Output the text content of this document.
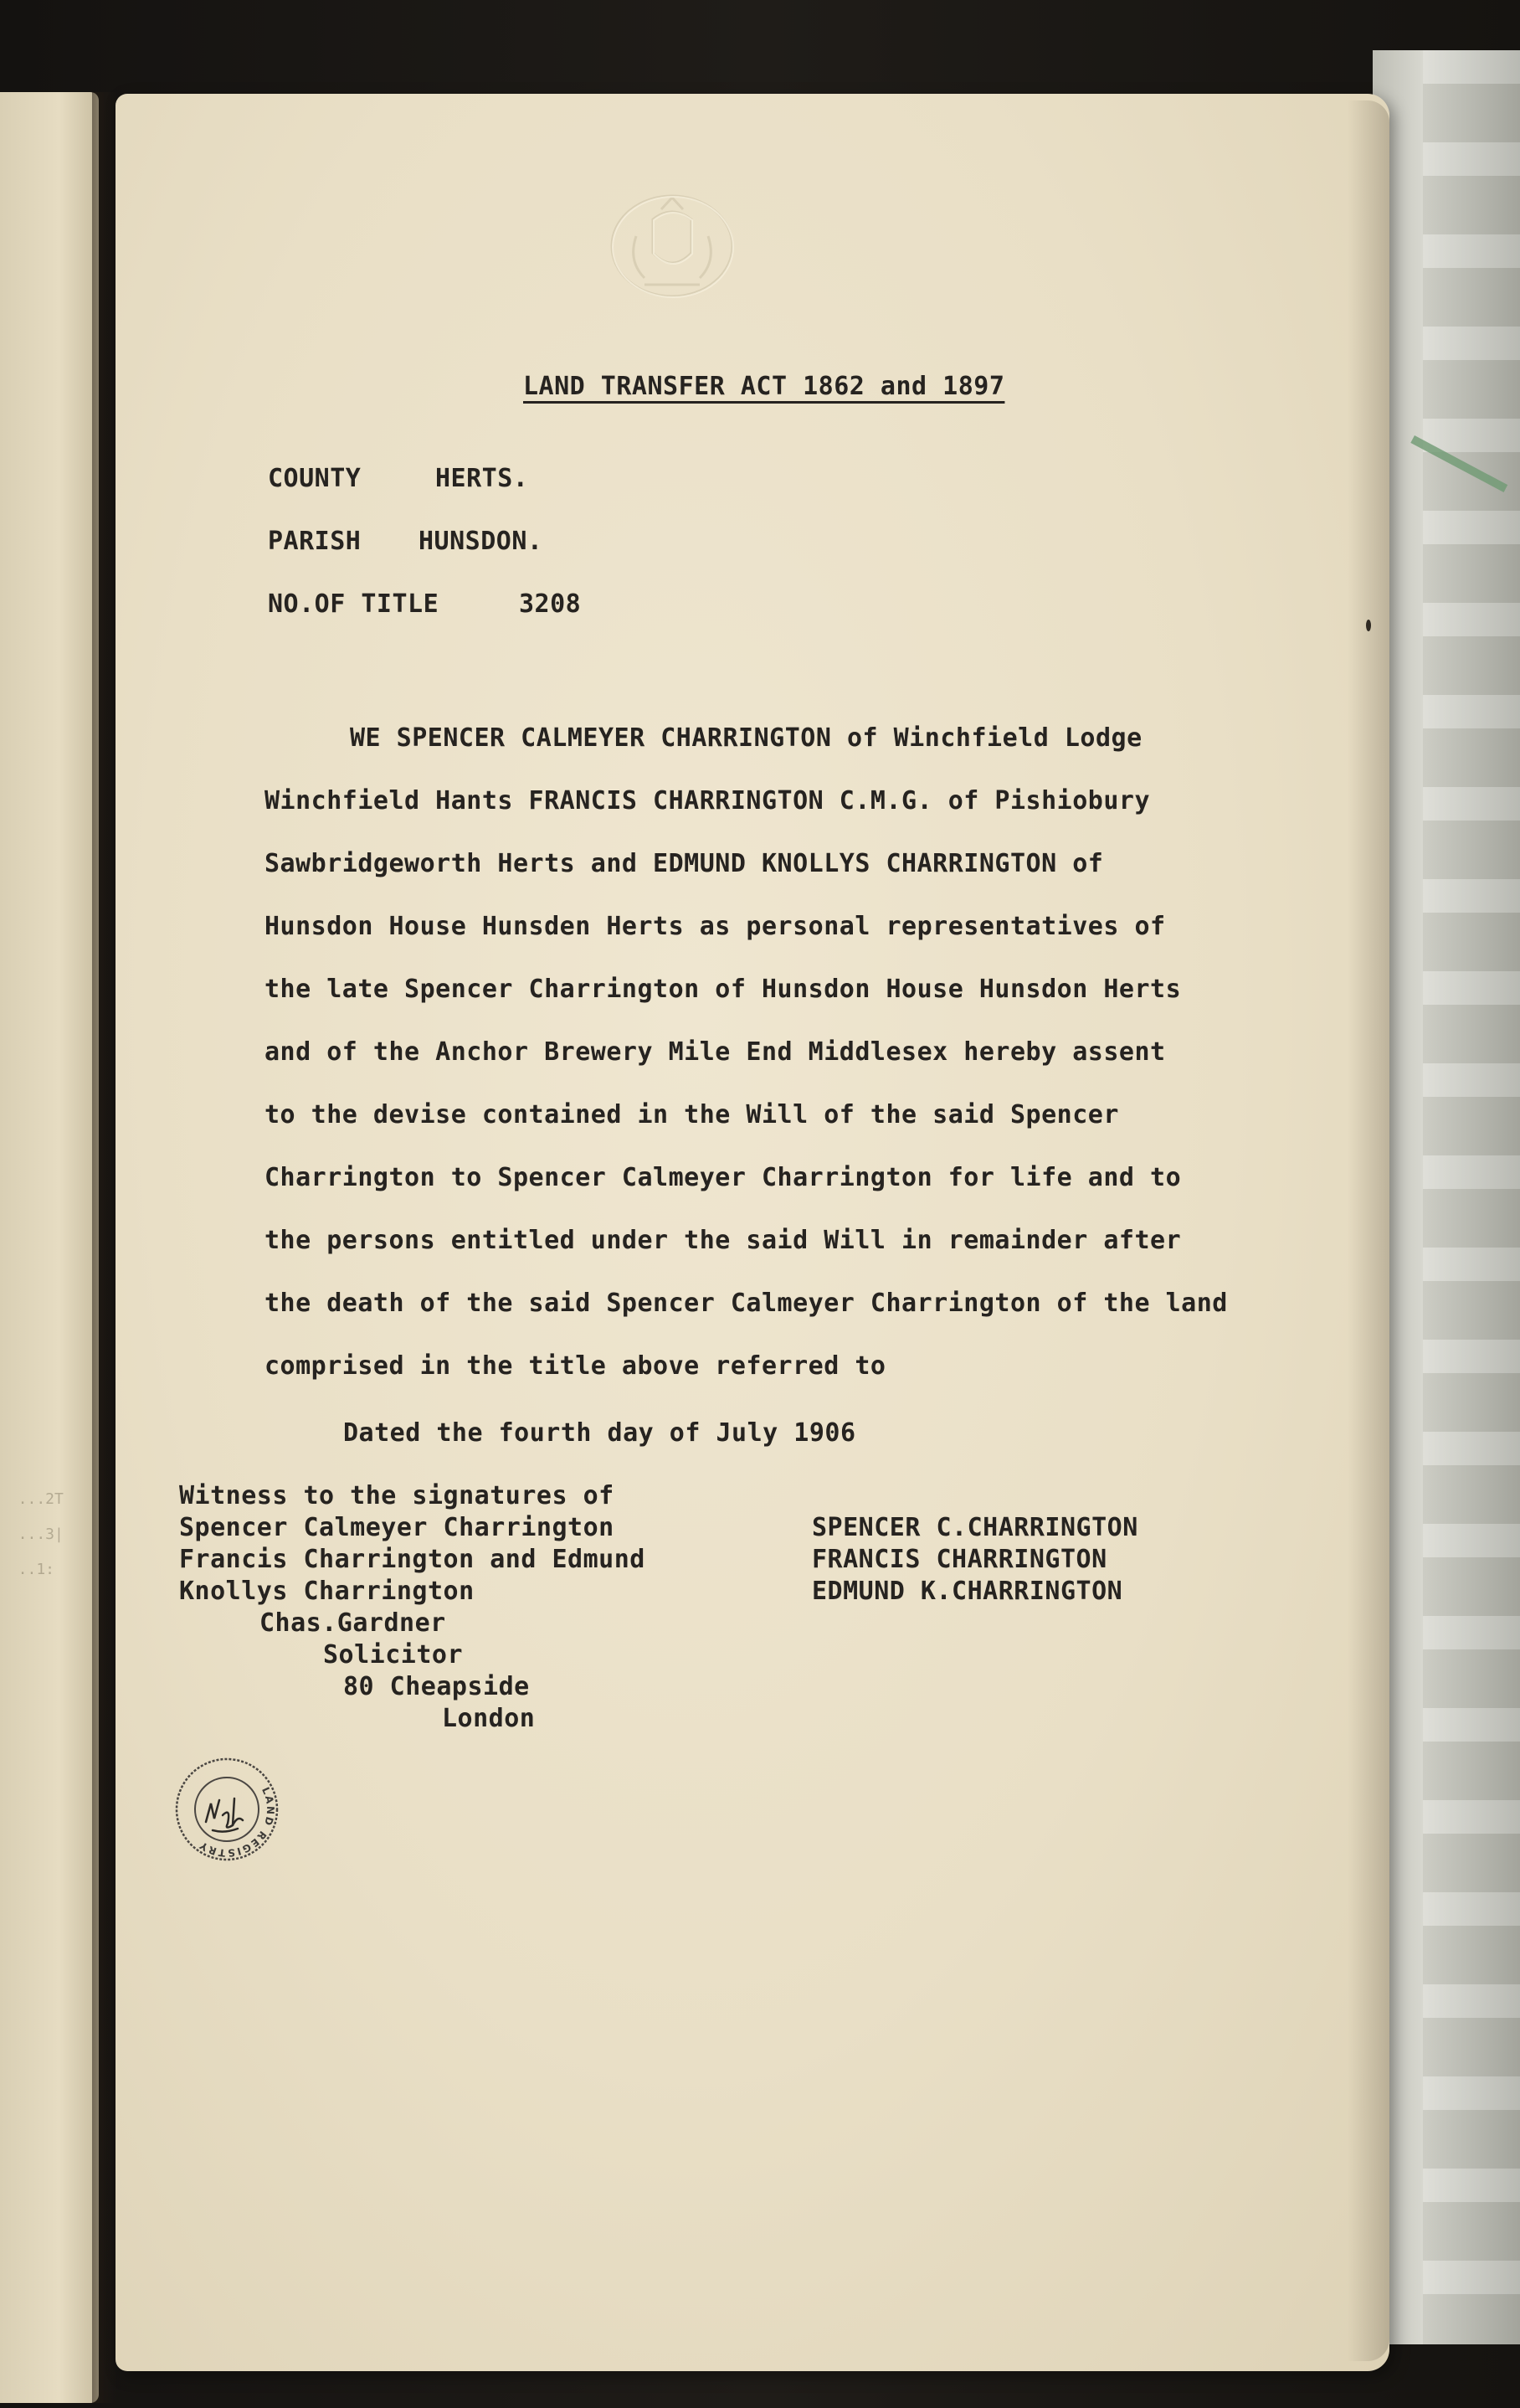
...2T
...3|
..1:
LAND TRANSFER ACT 1862 and 1897
COUNTY	HERTS.
PARISH HUNSDON.
NO.OF TITLE	3208
WE SPENCER CALMEYER CHARRINGTON of Winchfield Lodge
Winchfield Hants FRANCIS CHARRINGTON C.M.G. of Pishiobury
Sawbridgeworth Herts and EDMUND KNOLLYS CHARRINGTON of
Hunsdon House Hunsden Herts as personal representatives of
the late Spencer Charrington of Hunsdon House Hunsdon Herts
and of the Anchor Brewery Mile End Middlesex hereby assent
to the devise contained in the Will of the said Spencer
Charrington to Spencer Calmeyer Charrington for life and to
the persons entitled under the said Will in remainder after
the death of the said Spencer Calmeyer Charrington of the land
comprised in the title above referred to
Dated the fourth day of July 1906
Witness to the signatures of
Spencer Calmeyer Charrington
Francis Charrington and Edmund
Knollys Charrington
Chas.Gardner
Solicitor
80 Cheapside
London
SPENCER C.CHARRINGTON
FRANCIS CHARRINGTON
EDMUND K.CHARRINGTON
LAND REGISTRY
